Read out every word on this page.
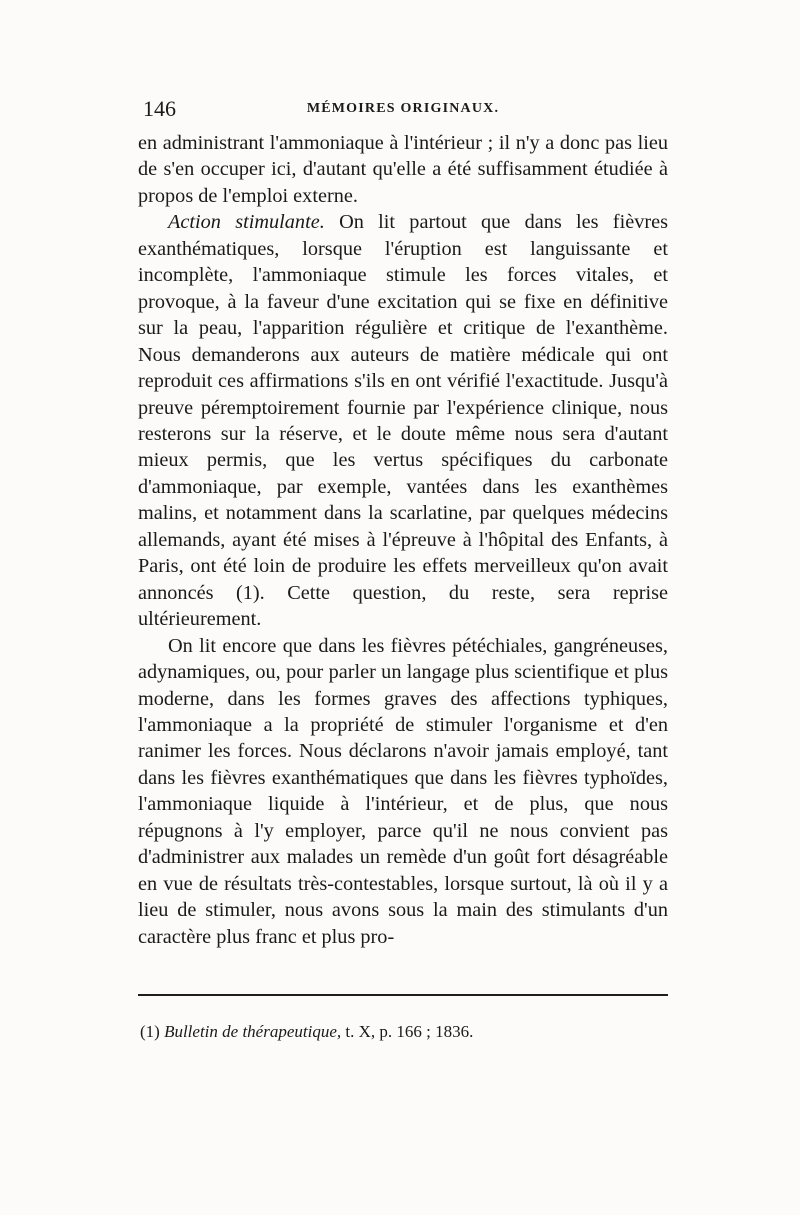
146	MÉMOIRES ORIGINAUX.

en administrant l'ammoniaque à l'intérieur ; il n'y a donc pas lieu de s'en occuper ici, d'autant qu'elle a été suffisamment étudiée à propos de l'emploi externe.

Action stimulante. On lit partout que dans les fièvres exanthématiques, lorsque l'éruption est languissante et incomplète, l'ammoniaque stimule les forces vitales, et provoque, à la faveur d'une excitation qui se fixe en définitive sur la peau, l'apparition régulière et critique de l'exanthème. Nous demanderons aux auteurs de matière médicale qui ont reproduit ces affirmations s'ils en ont vérifié l'exactitude. Jusqu'à preuve péremptoirement fournie par l'expérience clinique, nous resterons sur la réserve, et le doute même nous sera d'autant mieux permis, que les vertus spécifiques du carbonate d'ammoniaque, par exemple, vantées dans les exanthèmes malins, et notamment dans la scarlatine, par quelques médecins allemands, ayant été mises à l'épreuve à l'hôpital des Enfants, à Paris, ont été loin de produire les effets merveilleux qu'on avait annoncés (1). Cette question, du reste, sera reprise ultérieurement.

On lit encore que dans les fièvres pétéchiales, gangréneuses, adynamiques, ou, pour parler un langage plus scientifique et plus moderne, dans les formes graves des affections typhiques, l'ammoniaque a la propriété de stimuler l'organisme et d'en ranimer les forces. Nous déclarons n'avoir jamais employé, tant dans les fièvres exanthématiques que dans les fièvres typhoïdes, l'ammoniaque liquide à l'intérieur, et de plus, que nous répugnons à l'y employer, parce qu'il ne nous convient pas d'administrer aux malades un remède d'un goût fort désagréable en vue de résultats très-contestables, lorsque surtout, là où il y a lieu de stimuler, nous avons sous la main des stimulants d'un caractère plus franc et plus pro-

(1) Bulletin de thérapeutique, t. X, p. 166 ; 1836.
